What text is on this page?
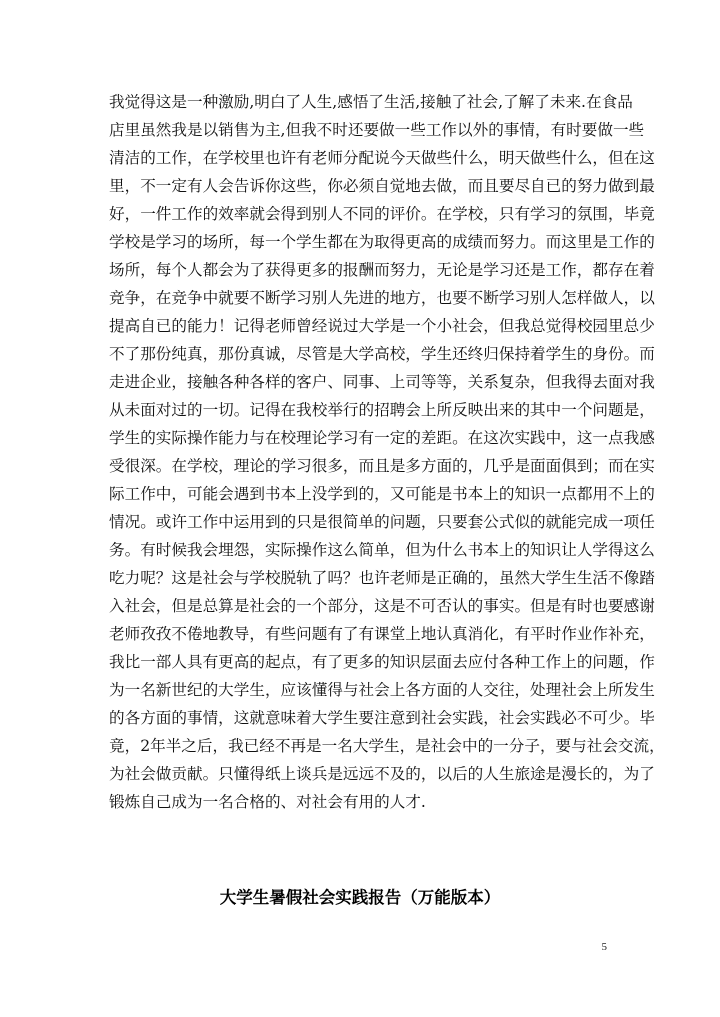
我觉得这是一种激励,明白了人生,感悟了生活,接触了社会,了解了未来.在食品
店里虽然我是以销售为主,但我不时还要做一些工作以外的事情，有时要做一些
清洁的工作，在学校里也许有老师分配说今天做些什么，明天做些什么，但在这
里，不一定有人会告诉你这些，你必须自觉地去做，而且要尽自已的努力做到最
好，一件工作的效率就会得到别人不同的评价。在学校，只有学习的氛围，毕竟
学校是学习的场所，每一个学生都在为取得更高的成绩而努力。而这里是工作的
场所，每个人都会为了获得更多的报酬而努力，无论是学习还是工作，都存在着
竞争，在竞争中就要不断学习别人先进的地方，也要不断学习别人怎样做人，以
提高自已的能力！记得老师曾经说过大学是一个小社会，但我总觉得校园里总少
不了那份纯真，那份真诚，尽管是大学高校，学生还终归保持着学生的身份。而
走进企业，接触各种各样的客户、同事、上司等等，关系复杂，但我得去面对我
从未面对过的一切。记得在我校举行的招聘会上所反映出来的其中一个问题是，
学生的实际操作能力与在校理论学习有一定的差距。在这次实践中，这一点我感
受很深。在学校，理论的学习很多，而且是多方面的，几乎是面面俱到；而在实
际工作中，可能会遇到书本上没学到的，又可能是书本上的知识一点都用不上的
情况。或许工作中运用到的只是很简单的问题，只要套公式似的就能完成一项任
务。有时候我会埋怨，实际操作这么简单，但为什么书本上的知识让人学得这么
吃力呢？这是社会与学校脱轨了吗？也许老师是正确的，虽然大学生生活不像踏
入社会，但是总算是社会的一个部分，这是不可否认的事实。但是有时也要感谢
老师孜孜不倦地教导，有些问题有了有课堂上地认真消化，有平时作业作补充，
我比一部人具有更高的起点，有了更多的知识层面去应付各种工作上的问题，作
为一名新世纪的大学生，应该懂得与社会上各方面的人交往，处理社会上所发生
的各方面的事情，这就意味着大学生要注意到社会实践，社会实践必不可少。毕
竟，2年半之后，我已经不再是一名大学生，是社会中的一分子，要与社会交流，
为社会做贡献。只懂得纸上谈兵是远远不及的，以后的人生旅途是漫长的，为了
锻炼自己成为一名合格的、对社会有用的人才.
大学生暑假社会实践报告（万能版本）
5
